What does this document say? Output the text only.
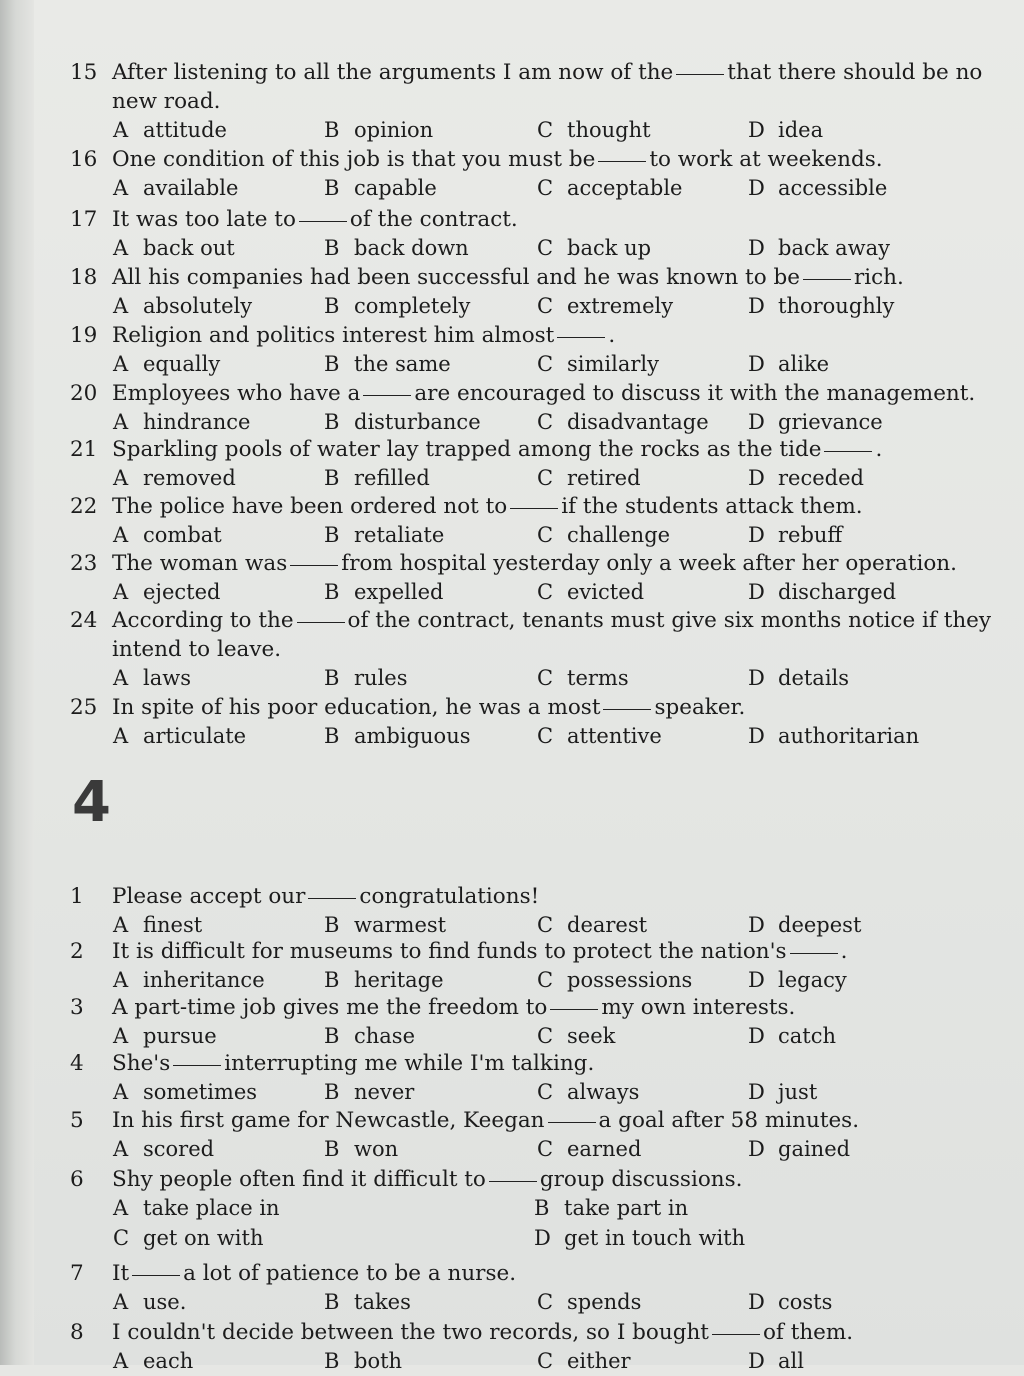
15 After listening to all the arguments I am now of the	that there should be no new road.
A attitude	B opinion	C thought	D idea
16 One condition of this job is that you must be	to work at weekends.
A available	B capable	C acceptable	D accessible
17 It was too late to	of the contract.
A back out	B back down	C back up	D back away
18 All his companies had been successful and he was known to be	rich.
A absolutely	B completely	C extremely	D thoroughly
19 Religion and politics interest him almost	.
A equally	B the same	C similarly	D alike
20 Employees who have a	are encouraged to discuss it with the management.
A hindrance	B disturbance	C disadvantage D grievance
21 Sparkling pools of water lay trapped among the rocks as the tide	.
A removed	B refilled	C retired	D receded
22 The police have been ordered not to	if the students attack them.
A combat	B retaliate	C challenge	D rebuff
23 The woman was	from hospital yesterday only a week after her operation.
A ejected	B expelled	C evicted	D discharged
24 According to the	of the contract, tenants must give six months notice if they intend to leave.
A laws	B rules	C terms	D details
25 In spite of his poor education, he was a most	speaker.
A articulate	B ambiguous	C attentive	D authoritarian
4
1	Please accept our	congratulations!
A finest	B warmest	C dearest	D deepest
2	It is difficult for museums to find funds to protect the nation's	.
A inheritance	B heritage	C possessions	D legacy
3	A part-time job gives me the freedom to	my own interests.
A pursue	B chase	C seek	D catch
4	She's	interrupting me while I'm talking.
A sometimes	B never	C always	D just
5	In his first game for Newcastle, Keegan	a goal after 58 minutes.
A scored	B won	C earned	D gained
6	Shy people often find it difficult to	group discussions.
A take place in	B take part in
C get on with	D get in touch with
7	It	a lot of patience to be a nurse.
A use.	B takes	C spends	D costs
8	I couldn't decide between the two records, so I bought	of them.
A each	B both	C either	D all
